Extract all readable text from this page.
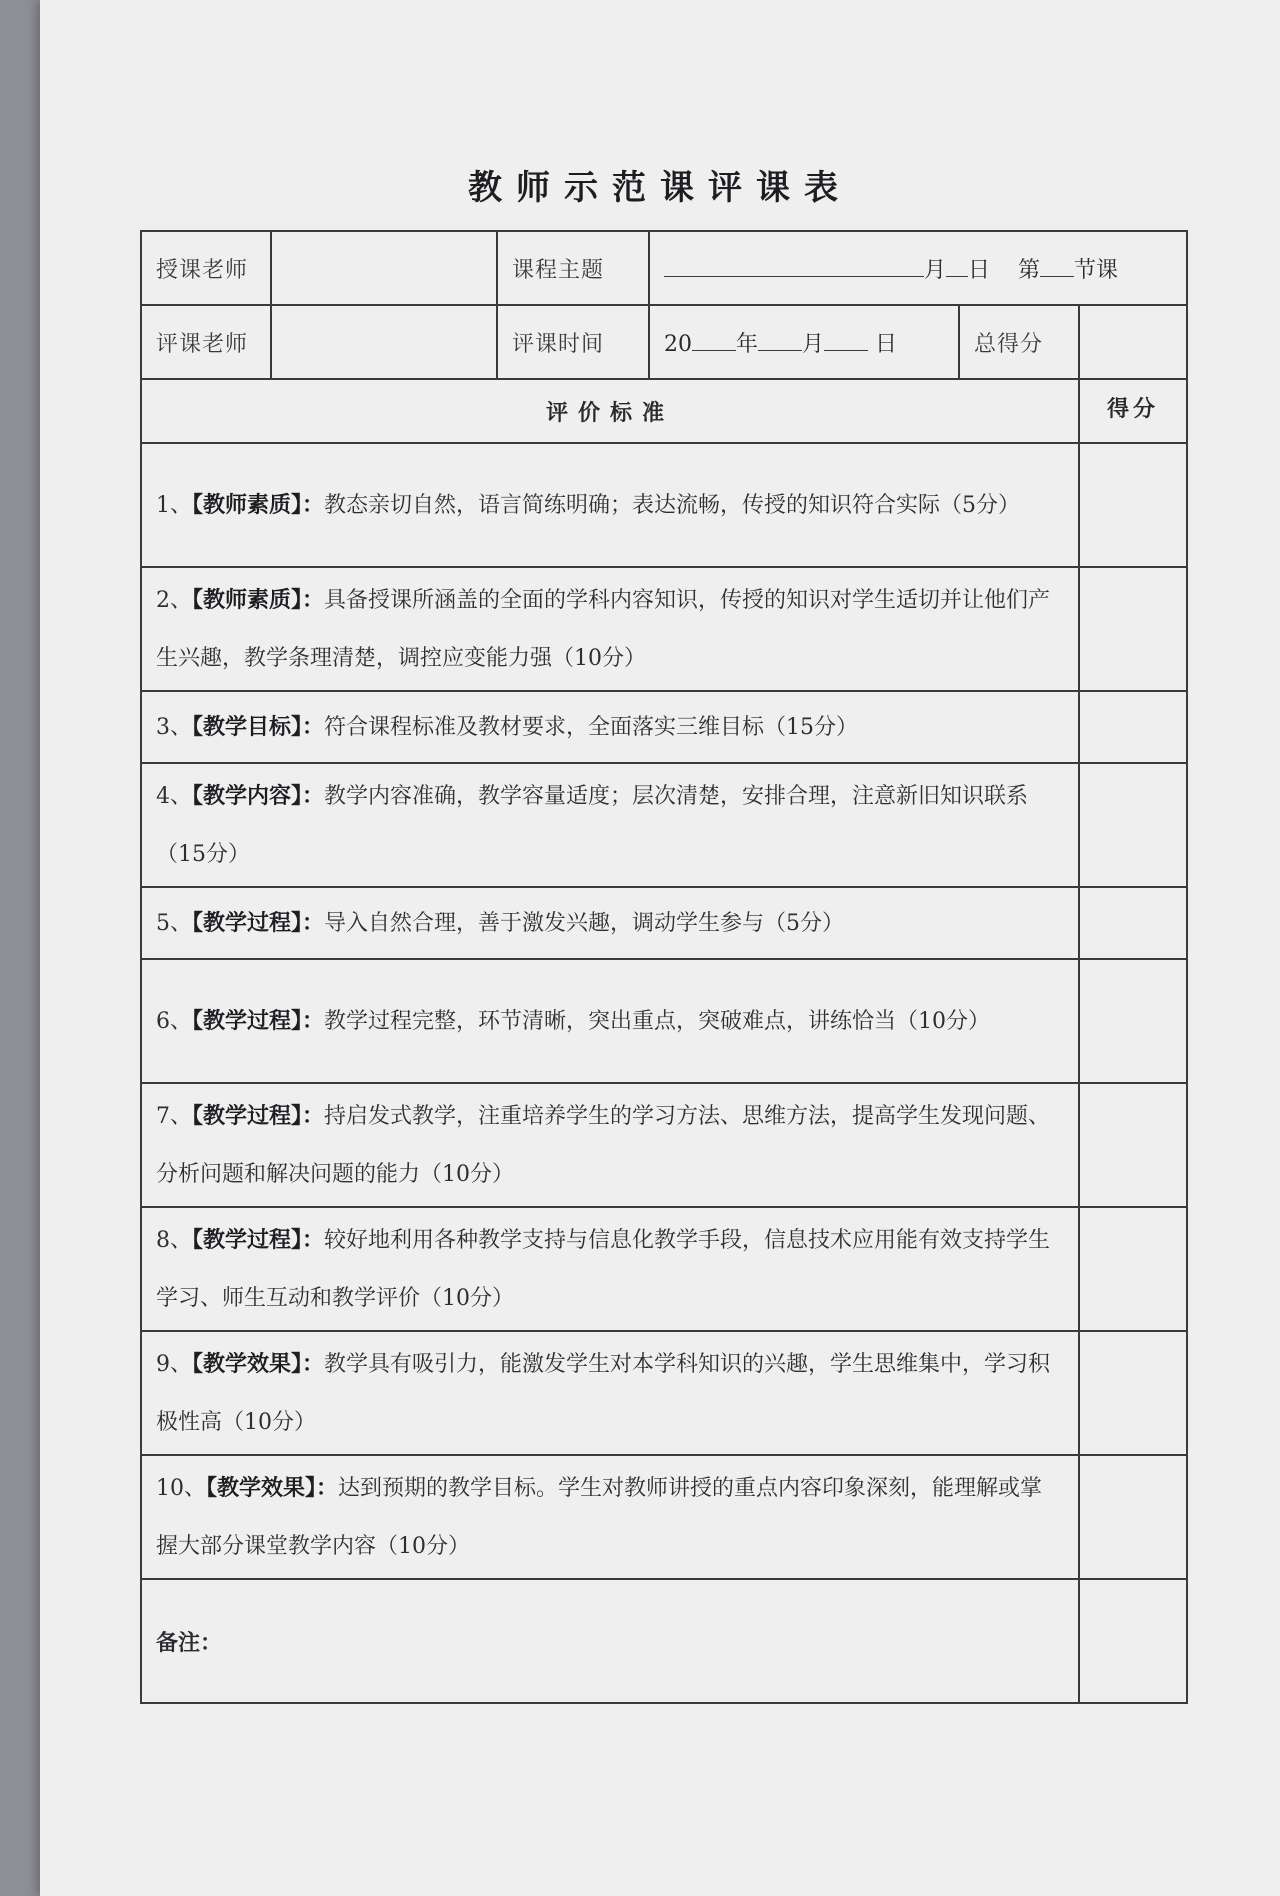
教师示范课评课表
授课老师		课程主题	月 日 第 节课		
评课老师		评课时间	20 年 月 日	总得分	
评价标准					得分
1、【教师素质】：教态亲切自然，语言简练明确；表达流畅，传授的知识符合实际（5分）					
2、【教师素质】：具备授课所涵盖的全面的学科内容知识，传授的知识对学生适切并让他们产生兴趣，教学条理清楚，调控应变能力强（10分）					
3、【教学目标】：符合课程标准及教材要求，全面落实三维目标（15分）					
4、【教学内容】：教学内容准确，教学容量适度；层次清楚，安排合理，注意新旧知识联系（15分）					
5、【教学过程】：导入自然合理，善于激发兴趣，调动学生参与（5分）					
6、【教学过程】：教学过程完整，环节清晰，突出重点，突破难点，讲练恰当（10分）					
7、【教学过程】：持启发式教学，注重培养学生的学习方法、思维方法，提高学生发现问题、分析问题和解决问题的能力（10分）					
8、【教学过程】：较好地利用各种教学支持与信息化教学手段，信息技术应用能有效支持学生学习、师生互动和教学评价（10分）					
9、【教学效果】：教学具有吸引力，能激发学生对本学科知识的兴趣，学生思维集中，学习积极性高（10分）					
10、【教学效果】：达到预期的教学目标。学生对教师讲授的重点内容印象深刻，能理解或掌握大部分课堂教学内容（10分）					
备注：					
